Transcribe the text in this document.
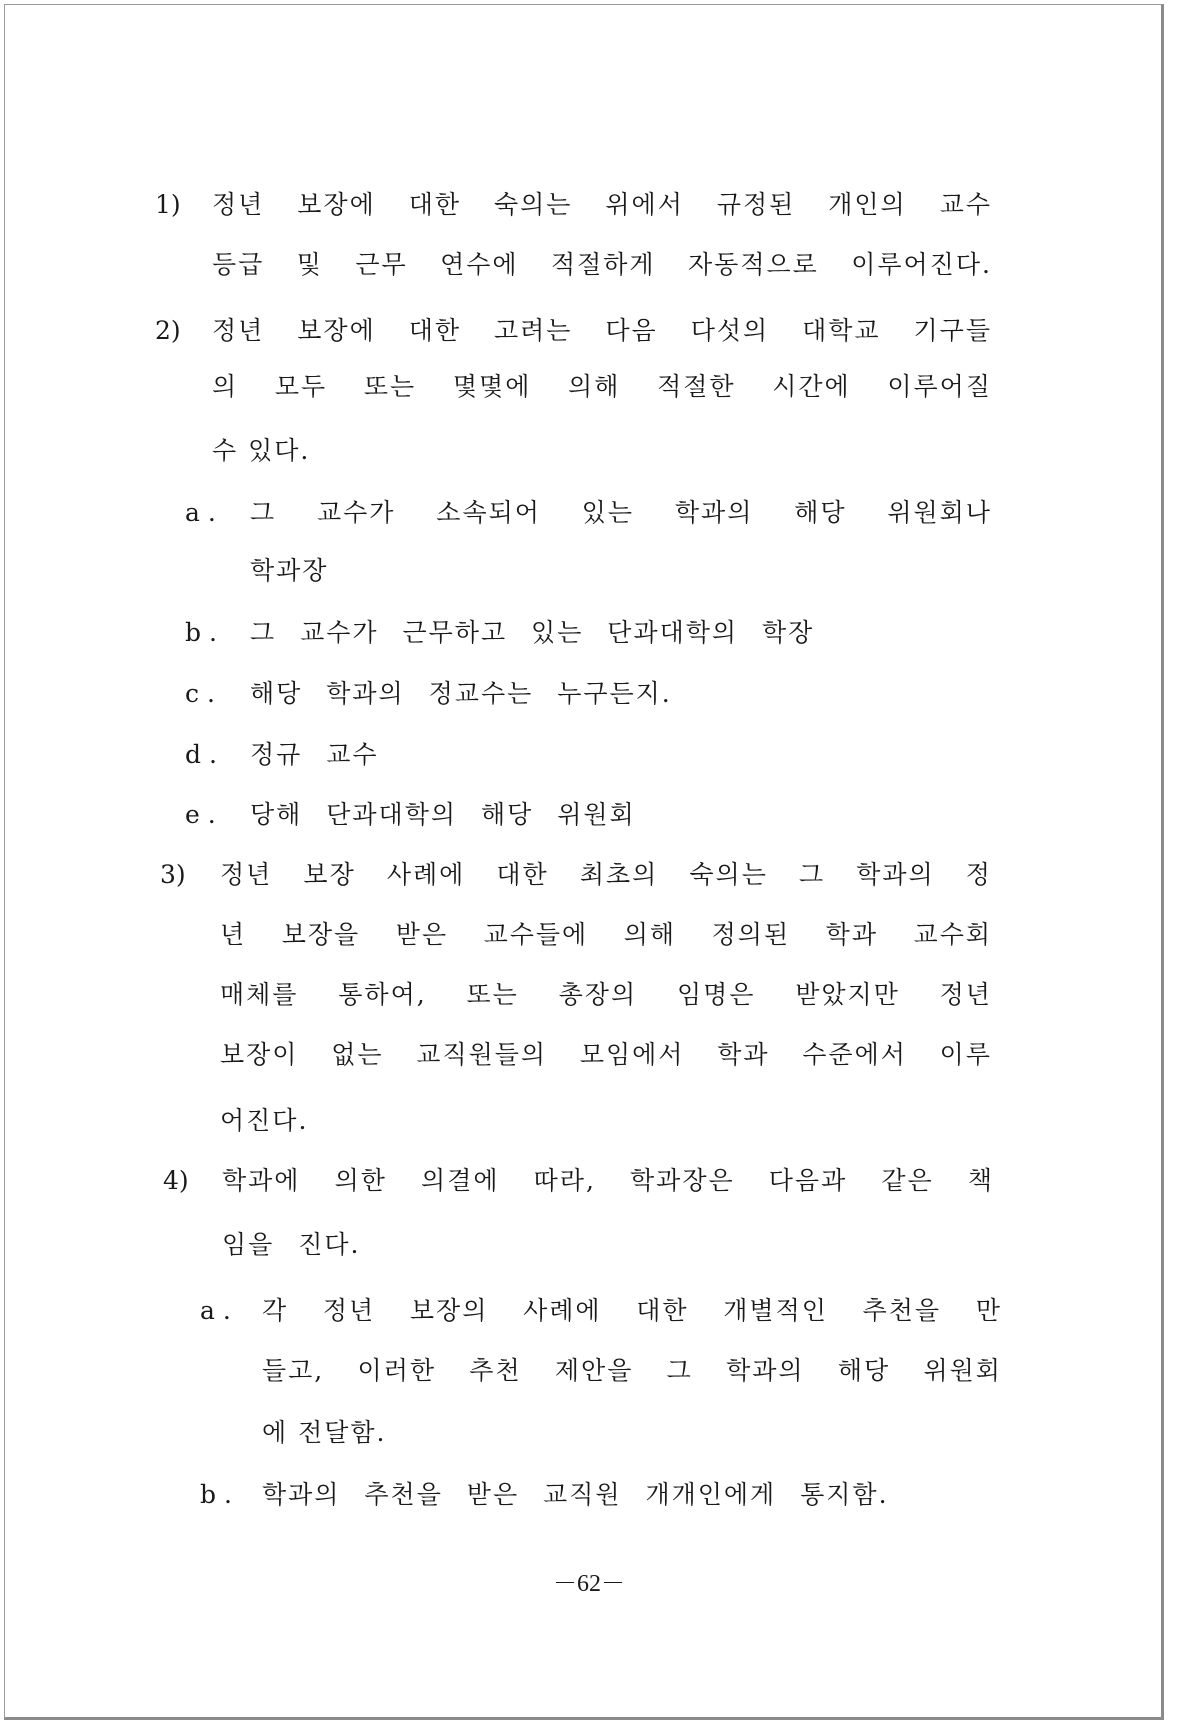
1) 정년 보장에 대한 숙의는 위에서 규정된 개인의 교수
등급 및 근무 연수에 적절하게 자동적으로 이루어진다.
2) 정년 보장에 대한 고려는 다음 다섯의 대학교 기구들
의 모두 또는 몇몇에 의해 적절한 시간에 이루어질
수 있다.
a . 그 교수가 소속되어 있는 학과의 해당 위원회나
학과장
b . 그 교수가 근무하고 있는 단과대학의 학장
c . 해당 학과의 정교수는 누구든지.
d . 정규 교수
e . 당해 단과대학의 해당 위원회
3) 정년 보장 사례에 대한 최초의 숙의는 그 학과의 정
년 보장을 받은 교수들에 의해 정의된 학과 교수회
매체를 통하여, 또는 총장의 임명은 받았지만 정년
보장이 없는 교직원들의 모임에서 학과 수준에서 이루
어진다.
4) 학과에 의한 의결에 따라, 학과장은 다음과 같은 책
임을 진다.
a . 각 정년 보장의 사례에 대한 개별적인 추천을 만
들고, 이러한 추천 제안을 그 학과의 해당 위원회
에 전달함.
b . 학과의 추천을 받은 교직원 개개인에게 통지함.
－62－
